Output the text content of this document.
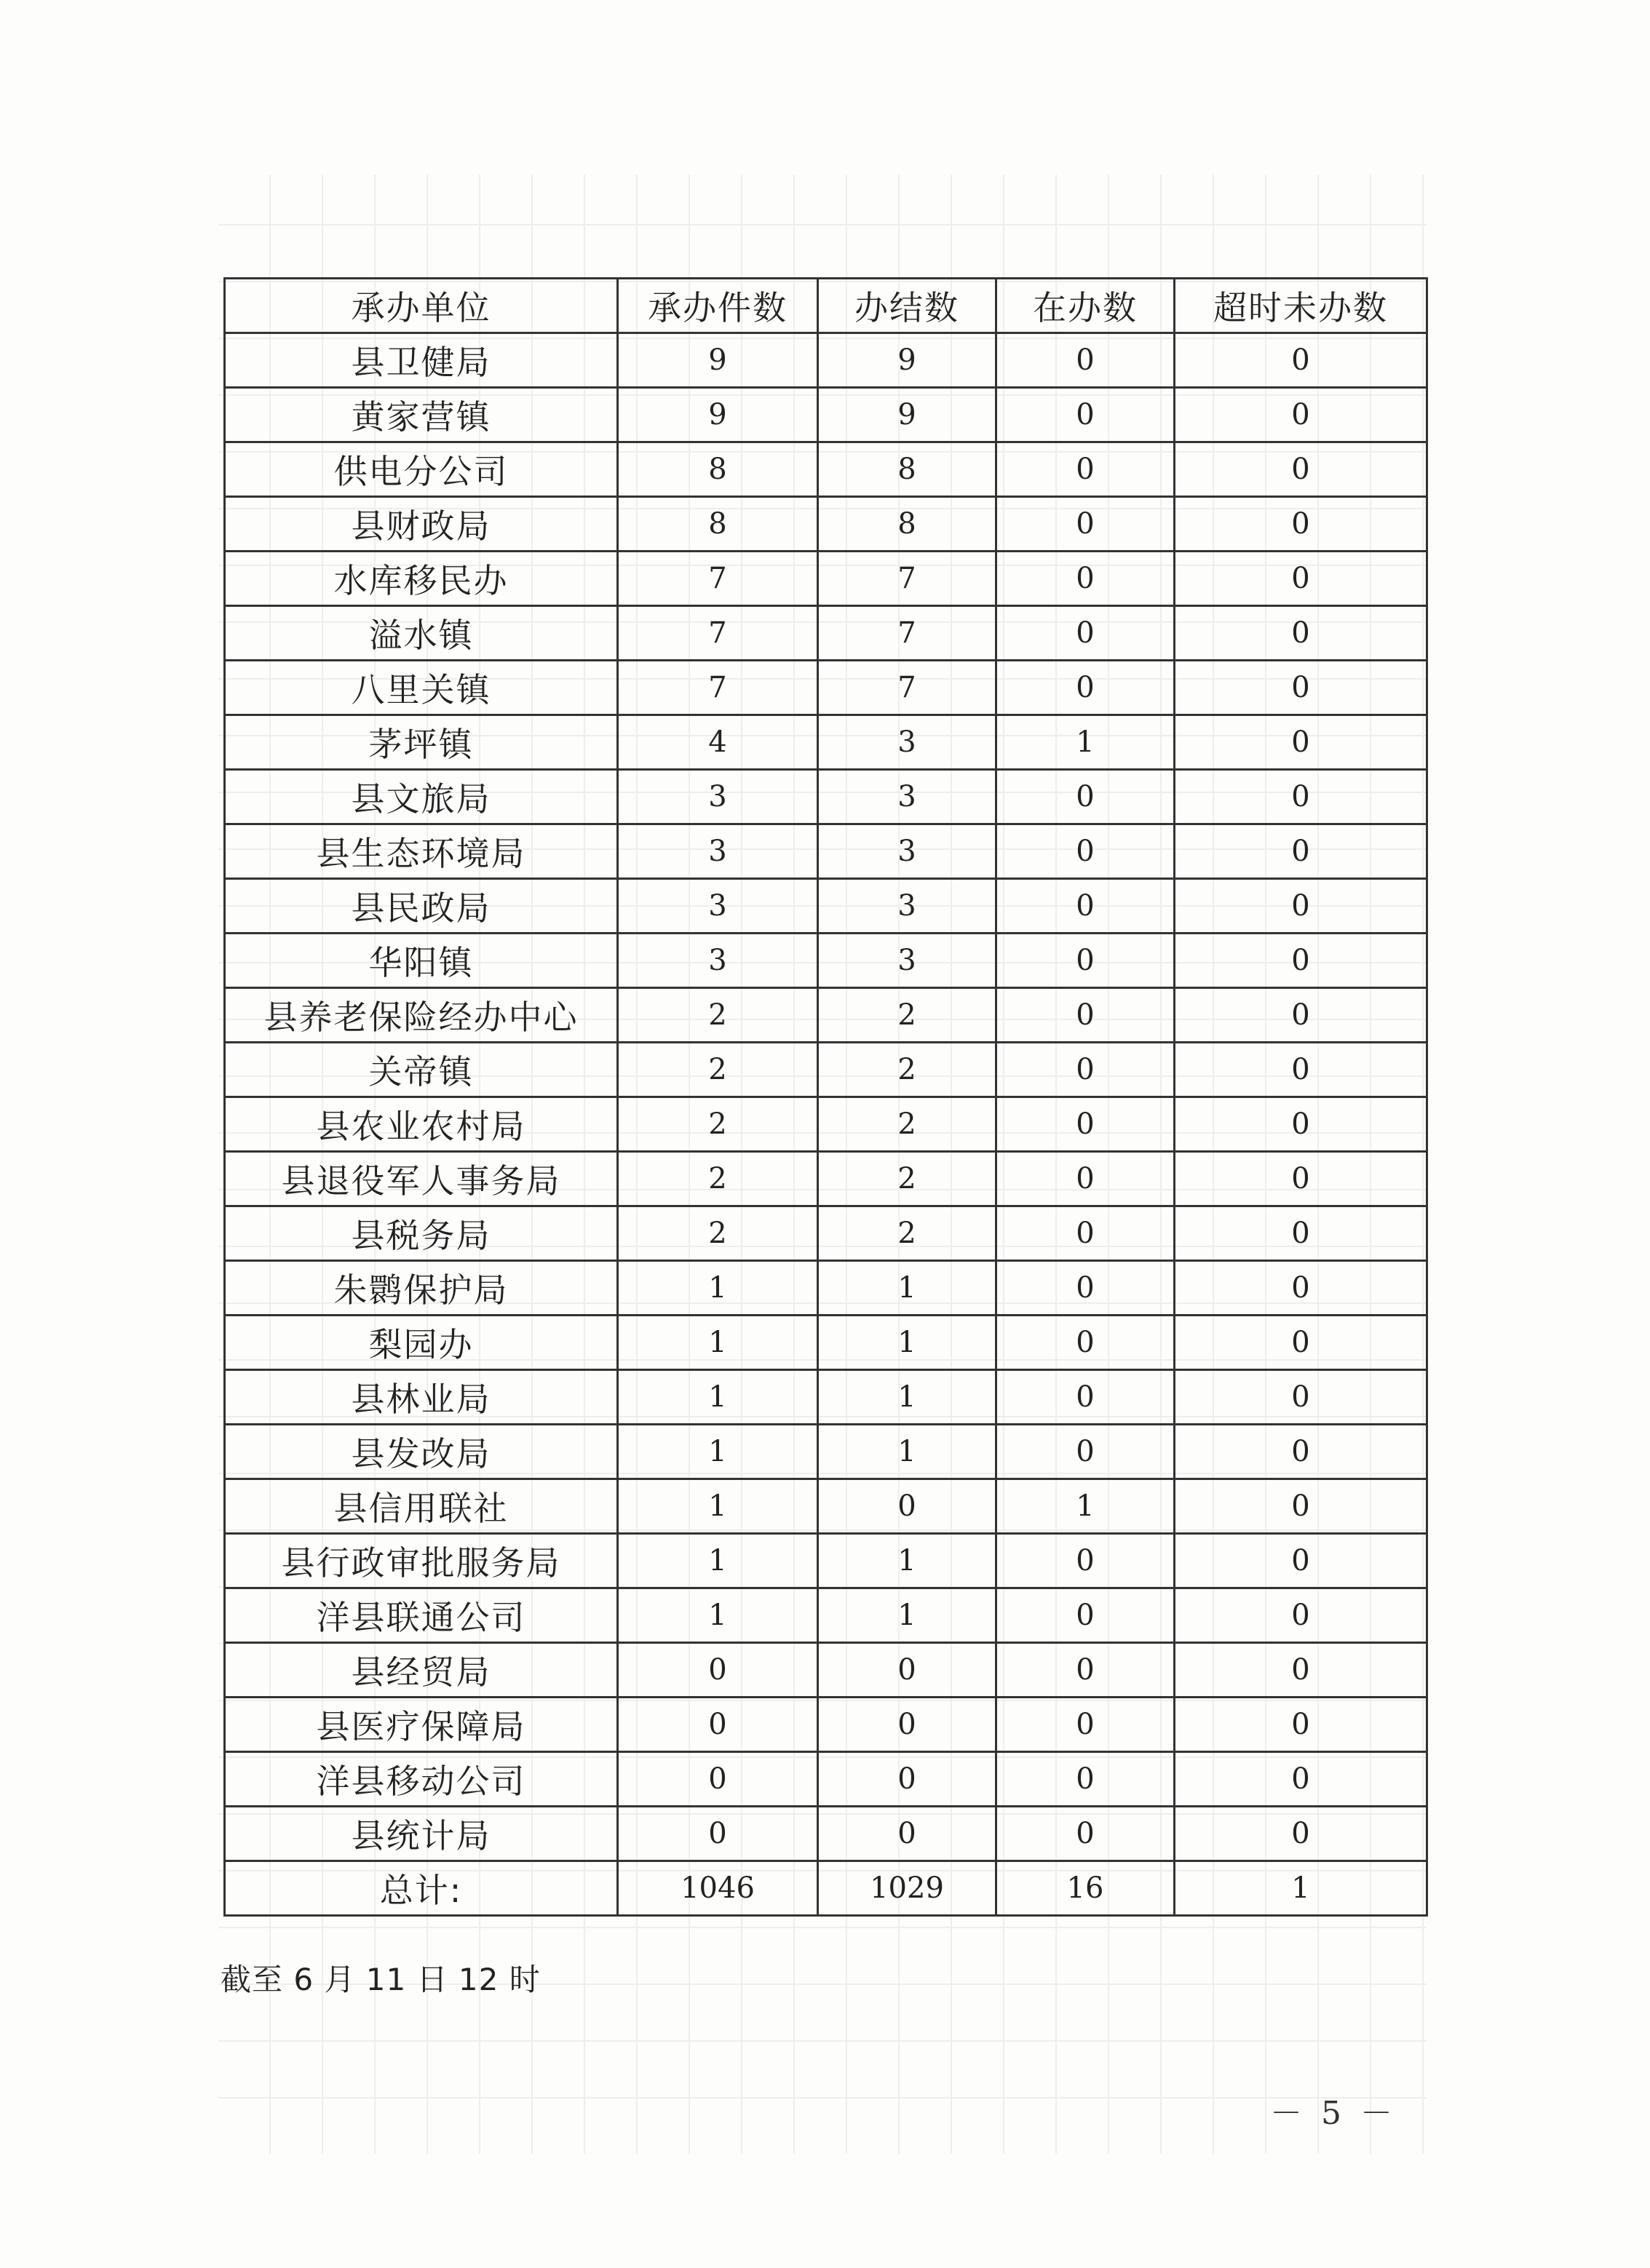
承办单位	承办件数	办结数	在办数	超时未办数
县卫健局	9	9	0	0
黄家营镇	9	9	0	0
供电分公司	8	8	0	0
县财政局	8	8	0	0
水库移民办	7	7	0	0
溢水镇	7	7	0	0
八里关镇	7	7	0	0
茅坪镇	4	3	1	0
县文旅局	3	3	0	0
县生态环境局	3	3	0	0
县民政局	3	3	0	0
华阳镇	3	3	0	0
县养老保险经办中心	2	2	0	0
关帝镇	2	2	0	0
县农业农村局	2	2	0	0
县退役军人事务局	2	2	0	0
县税务局	2	2	0	0
朱鹮保护局	1	1	0	0
梨园办	1	1	0	0
县林业局	1	1	0	0
县发改局	1	1	0	0
县信用联社	1	0	1	0
县行政审批服务局	1	1	0	0
洋县联通公司	1	1	0	0
县经贸局	0	0	0	0
县医疗保障局	0	0	0	0
洋县移动公司	0	0	0	0
县统计局	0	0	0	0
总计:	1046	1029	16	1
截至 6 月 11 日 12 时
－ 5 －
